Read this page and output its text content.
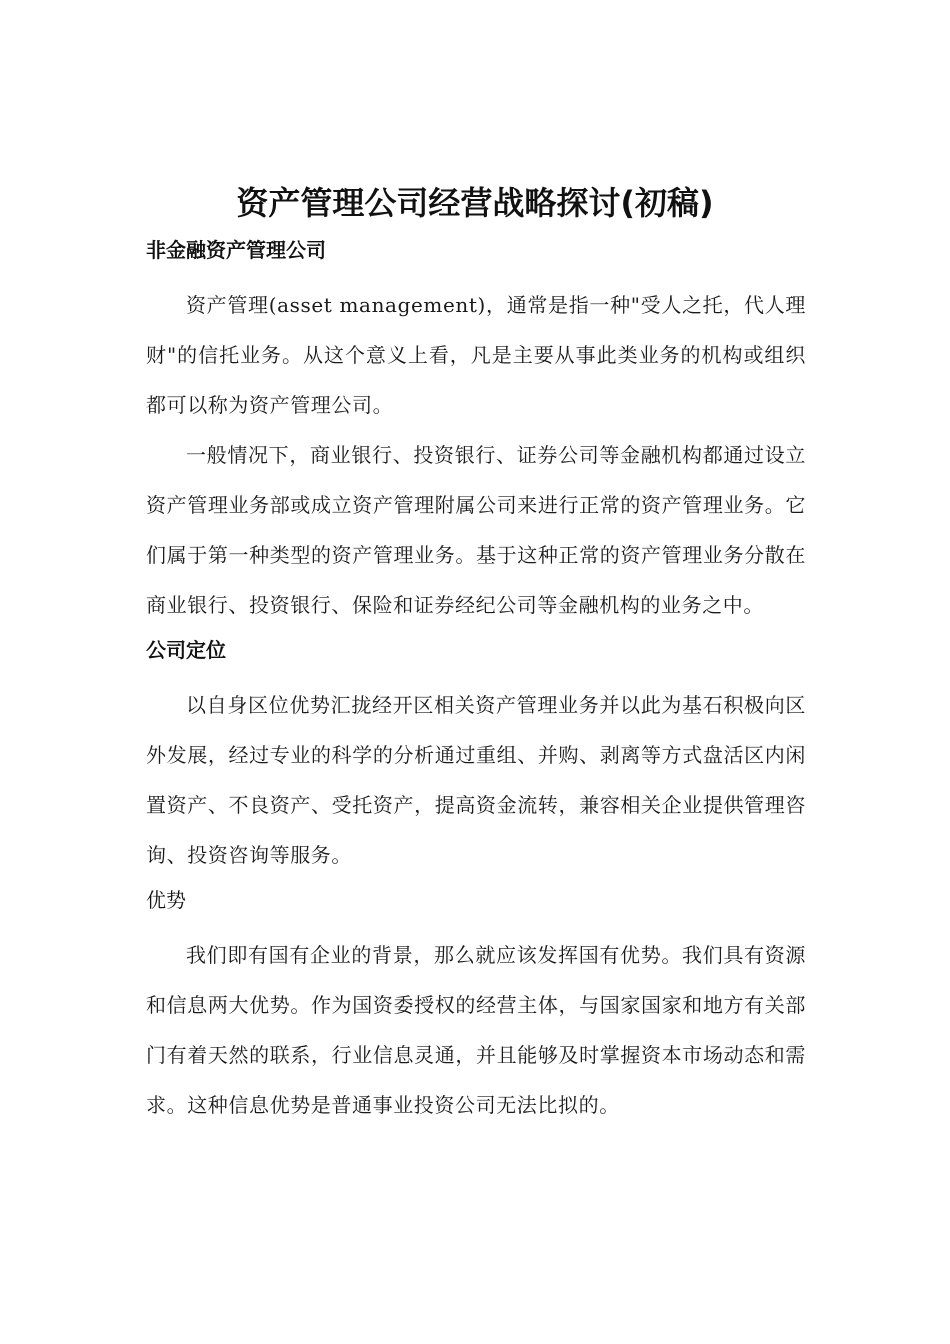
资产管理公司经营战略探讨(初稿)
非金融资产管理公司

资产管理(asset management)，通常是指一种"受人之托，代人理财"的信托业务。从这个意义上看，凡是主要从事此类业务的机构或组织都可以称为资产管理公司。

一般情况下，商业银行、投资银行、证券公司等金融机构都通过设立资产管理业务部或成立资产管理附属公司来进行正常的资产管理业务。它们属于第一种类型的资产管理业务。基于这种正常的资产管理业务分散在商业银行、投资银行、保险和证券经纪公司等金融机构的业务之中。

公司定位

以自身区位优势汇拢经开区相关资产管理业务并以此为基石积极向区外发展，经过专业的科学的分析通过重组、并购、剥离等方式盘活区内闲置资产、不良资产、受托资产，提高资金流转，兼容相关企业提供管理咨询、投资咨询等服务。

优势

我们即有国有企业的背景，那么就应该发挥国有优势。我们具有资源和信息两大优势。作为国资委授权的经营主体，与国家国家和地方有关部门有着天然的联系，行业信息灵通，并且能够及时掌握资本市场动态和需求。这种信息优势是普通事业投资公司无法比拟的。
